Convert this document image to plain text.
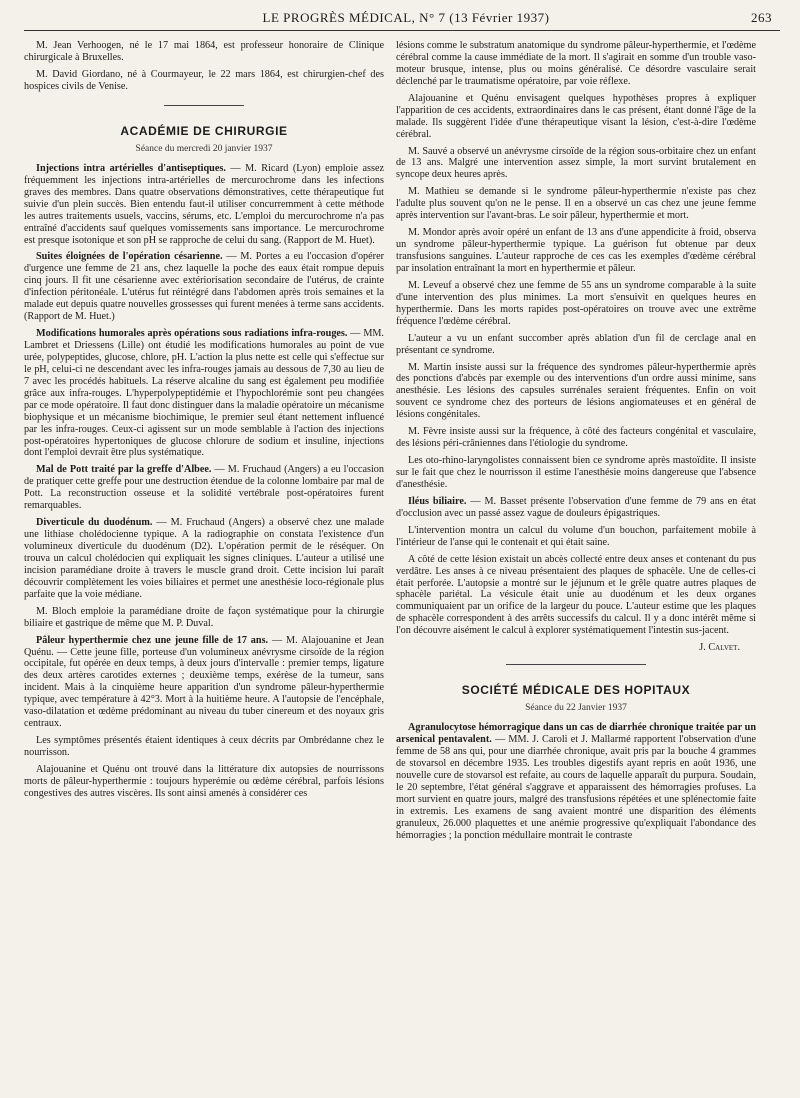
LE PROGRÈS MÉDICAL, N° 7 (13 Février 1937)	263

M. Jean Verhoogen, né le 17 mai 1864, est professeur honoraire de Clinique chirurgicale à Bruxelles.

M. David Giordano, né à Courmayeur, le 22 mars 1864, est chirurgien-chef des hospices civils de Venise.

ACADÉMIE DE CHIRURGIE
Séance du mercredi 20 janvier 1937

Injections intra artérielles d'antiseptiques. — M. Ricard (Lyon) emploie assez fréquemment les injections intra-artérielles de mercurochrome dans les infections graves des membres. Dans quatre observations démonstratives, cette thérapeutique fut suivie d'un plein succès. Bien entendu faut-il utiliser concurremment à cette méthode les autres traitements usuels, vaccins, sérums, etc. L'emploi du mercurochrome n'a pas entraîné d'accidents sauf quelques vomissements sans importance. Le mercurochrome est presque isotonique et son pH se rapproche de celui du sang. (Rapport de M. Huet).

Suites éloignées de l'opération césarienne. — M. Portes a eu l'occasion d'opérer d'urgence une femme de 21 ans, chez laquelle la poche des eaux était rompue depuis cinq jours. Il fit une césarienne avec extériorisation secondaire de l'utérus, de crainte d'infection péritonéale. L'utérus fut réintégré dans l'abdomen après trois semaines et la malade eut depuis quatre nouvelles grossesses qui furent menées à terme sans accidents. (Rapport de M. Huet.)

Modifications humorales après opérations sous radiations infra-rouges. — MM. Lambret et Driessens (Lille) ont étudié les modifications humorales au point de vue urée, polypeptides, glucose, chlore, pH. L'action la plus nette est celle qui s'effectue sur le pH, celui-ci ne descendant avec les infra-rouges jamais au dessous de 7,30 au lieu de 7 avec les procédés habituels. La réserve alcaline du sang est également peu modifiée grâce aux infra-rouges. L'hyperpolypeptidémie et l'hypochlorémie sont peu changées par ce mode opératoire. Il faut donc distinguer dans la maladie opératoire un mécanisme biophysique et un mécanisme biochimique, le premier seul étant nettement influencé par les infra-rouges. Ceux-ci agissent sur un mode semblable à l'action des injections post-opératoires hypertoniques de glucose chlorure de sodium et insuline, injections dont l'emploi devrait être plus systématique.

Mal de Pott traité par la greffe d'Albee. — M. Fruchaud (Angers) a eu l'occasion de pratiquer cette greffe pour une destruction étendue de la colonne lombaire par mal de Pott. La reconstruction osseuse et la solidité vertébrale post-opératoires furent remarquables.

Diverticule du duodénum. — M. Fruchaud (Angers) a observé chez une malade une lithiase cholédocienne typique. A la radiographie on constata l'existence d'un volumineux diverticule du duodénum (D2). L'opération permit de le réséquer. On trouva un calcul cholédocien qui expliquait les signes cliniques. L'auteur a utilisé une incision paramédiane droite à travers le muscle grand droit. Cette incision lui paraît découvrir complètement les voies biliaires et permet une anesthésie loco-régionale plus parfaite que la voie médiane.

M. Bloch emploie la paramédiane droite de façon systématique pour la chirurgie biliaire et gastrique de même que M. P. Duval.

Pâleur hyperthermie chez une jeune fille de 17 ans. — M. Alajouanine et Jean Quénu. — Cette jeune fille, porteuse d'un volumineux anévrysme cirsoïde de la région occipitale, fut opérée en deux temps, à deux jours d'intervalle : premier temps, ligature des deux artères carotides externes ; deuxième temps, exérèse de la tumeur, sans incident. Mais à la cinquième heure apparition d'un syndrome pâleur-hyperthermie typique, avec température à 42°3. Mort à la huitième heure. A l'autopsie de l'encéphale, vaso-dilatation et œdème prédominant au niveau du tuber cinereum et des noyaux gris centraux.

Les symptômes présentés étaient identiques à ceux décrits par Ombrédanne chez le nourrisson.

Alajouanine et Quénu ont trouvé dans la littérature dix autopsies de nourrissons morts de pâleur-hyperthermie : toujours hyperémie ou œdème cérébral, parfois lésions congestives des autres viscères. Ils sont ainsi amenés à considérer ces

lésions comme le substratum anatomique du syndrome pâleur-hyperthermie, et l'œdème cérébral comme la cause immédiate de la mort. Il s'agirait en somme d'un trouble vaso-moteur brusque, intense, plus ou moins généralisé. Ce désordre vasculaire serait déclenché par le traumatisme opératoire, par voie réflexe.

Alajouanine et Quénu envisagent quelques hypothèses propres à expliquer l'apparition de ces accidents, extraordinaires dans le cas présent, étant donné l'âge de la malade. Ils suggèrent l'idée d'une thérapeutique visant la lésion, c'est-à-dire l'œdème cérébral.

M. Sauvé a observé un anévrysme cirsoïde de la région sous-orbitaire chez un enfant de 13 ans. Malgré une intervention assez simple, la mort survint brutalement en syncope deux heures après.

M. Mathieu se demande si le syndrome pâleur-hyperthermie n'existe pas chez l'adulte plus souvent qu'on ne le pense. Il en a observé un cas chez une jeune femme après intervention sur l'avant-bras. Le soir pâleur, hyperthermie et mort.

M. Mondor après avoir opéré un enfant de 13 ans d'une appendicite à froid, observa un syndrome pâleur-hyperthermie typique. La guérison fut obtenue par deux transfusions sanguines. L'auteur rapproche de ces cas les exemples d'œdème cérébral par insolation entraînant la mort en hyperthermie et pâleur.

M. Leveuf a observé chez une femme de 55 ans un syndrome comparable à la suite d'une intervention des plus minimes. La mort s'ensuivit en quelques heures en hyperthermie. Dans les morts rapides post-opératoires on trouve avec une extrême fréquence l'œdème cérébral.

L'auteur a vu un enfant succomber après ablation d'un fil de cerclage anal en présentant ce syndrome.

M. Martin insiste aussi sur la fréquence des syndromes pâleur-hyperthermie après des ponctions d'abcès par exemple ou des interventions d'un ordre aussi minime, sans anesthésie. Les lésions des capsules surrénales seraient fréquentes. Enfin on voit souvent ce syndrome chez des porteurs de lésions angiomateuses et en général de lésions congénitales.

M. Fèvre insiste aussi sur la fréquence, à côté des facteurs congénital et vasculaire, des lésions péri-crâniennes dans l'étiologie du syndrome.

Les oto-rhino-laryngolistes connaissent bien ce syndrome après mastoïdite. Il insiste sur le fait que chez le nourrisson il estime l'anesthésie moins dangereuse que l'absence d'anesthésie.

Iléus biliaire. — M. Basset présente l'observation d'une femme de 79 ans en état d'occlusion avec un passé assez vague de douleurs épigastriques.

L'intervention montra un calcul du volume d'un bouchon, parfaitement mobile à l'intérieur de l'anse qui le contenait et qui était saine.

A côté de cette lésion existait un abcès collecté entre deux anses et contenant du pus verdâtre. Les anses à ce niveau présentaient des plaques de sphacèle. Une de celles-ci était perforée. L'autopsie a montré sur le jéjunum et le grêle quatre autres plaques de sphacèle pariétal. La vésicule était unie au duodénum et les deux organes communiquaient par un orifice de la largeur du pouce. L'auteur estime que les plaques de sphacèle correspondent à des arrêts successifs du calcul. Il y a donc intérêt même si l'on découvre aisément le calcul à explorer systématiquement l'intestin sus-jacent.

J. Calvet.
SOCIÉTÉ MÉDICALE DES HOPITAUX
Séance du 22 Janvier 1937

Agranulocytose hémorragique dans un cas de diarrhée chronique traitée par un arsenical pentavalent. — MM. J. Caroli et J. Mallarmé rapportent l'observation d'une femme de 58 ans qui, pour une diarrhée chronique, avait pris par la bouche 4 grammes de stovarsol en décembre 1935. Les troubles digestifs ayant repris en août 1936, une nouvelle cure de stovarsol est refaite, au cours de laquelle apparaît du purpura. Soudain, le 20 septembre, l'état général s'aggrave et apparaissent des hémorragies profuses. La mort survient en quatre jours, malgré des transfusions répétées et une splénectomie faite in extremis. Les examens de sang avaient montré une disparition des éléments granuleux, 26.000 plaquettes et une anémie progressive qu'expliquait l'abondance des hémorragies ; la ponction médullaire montrait le contraste
